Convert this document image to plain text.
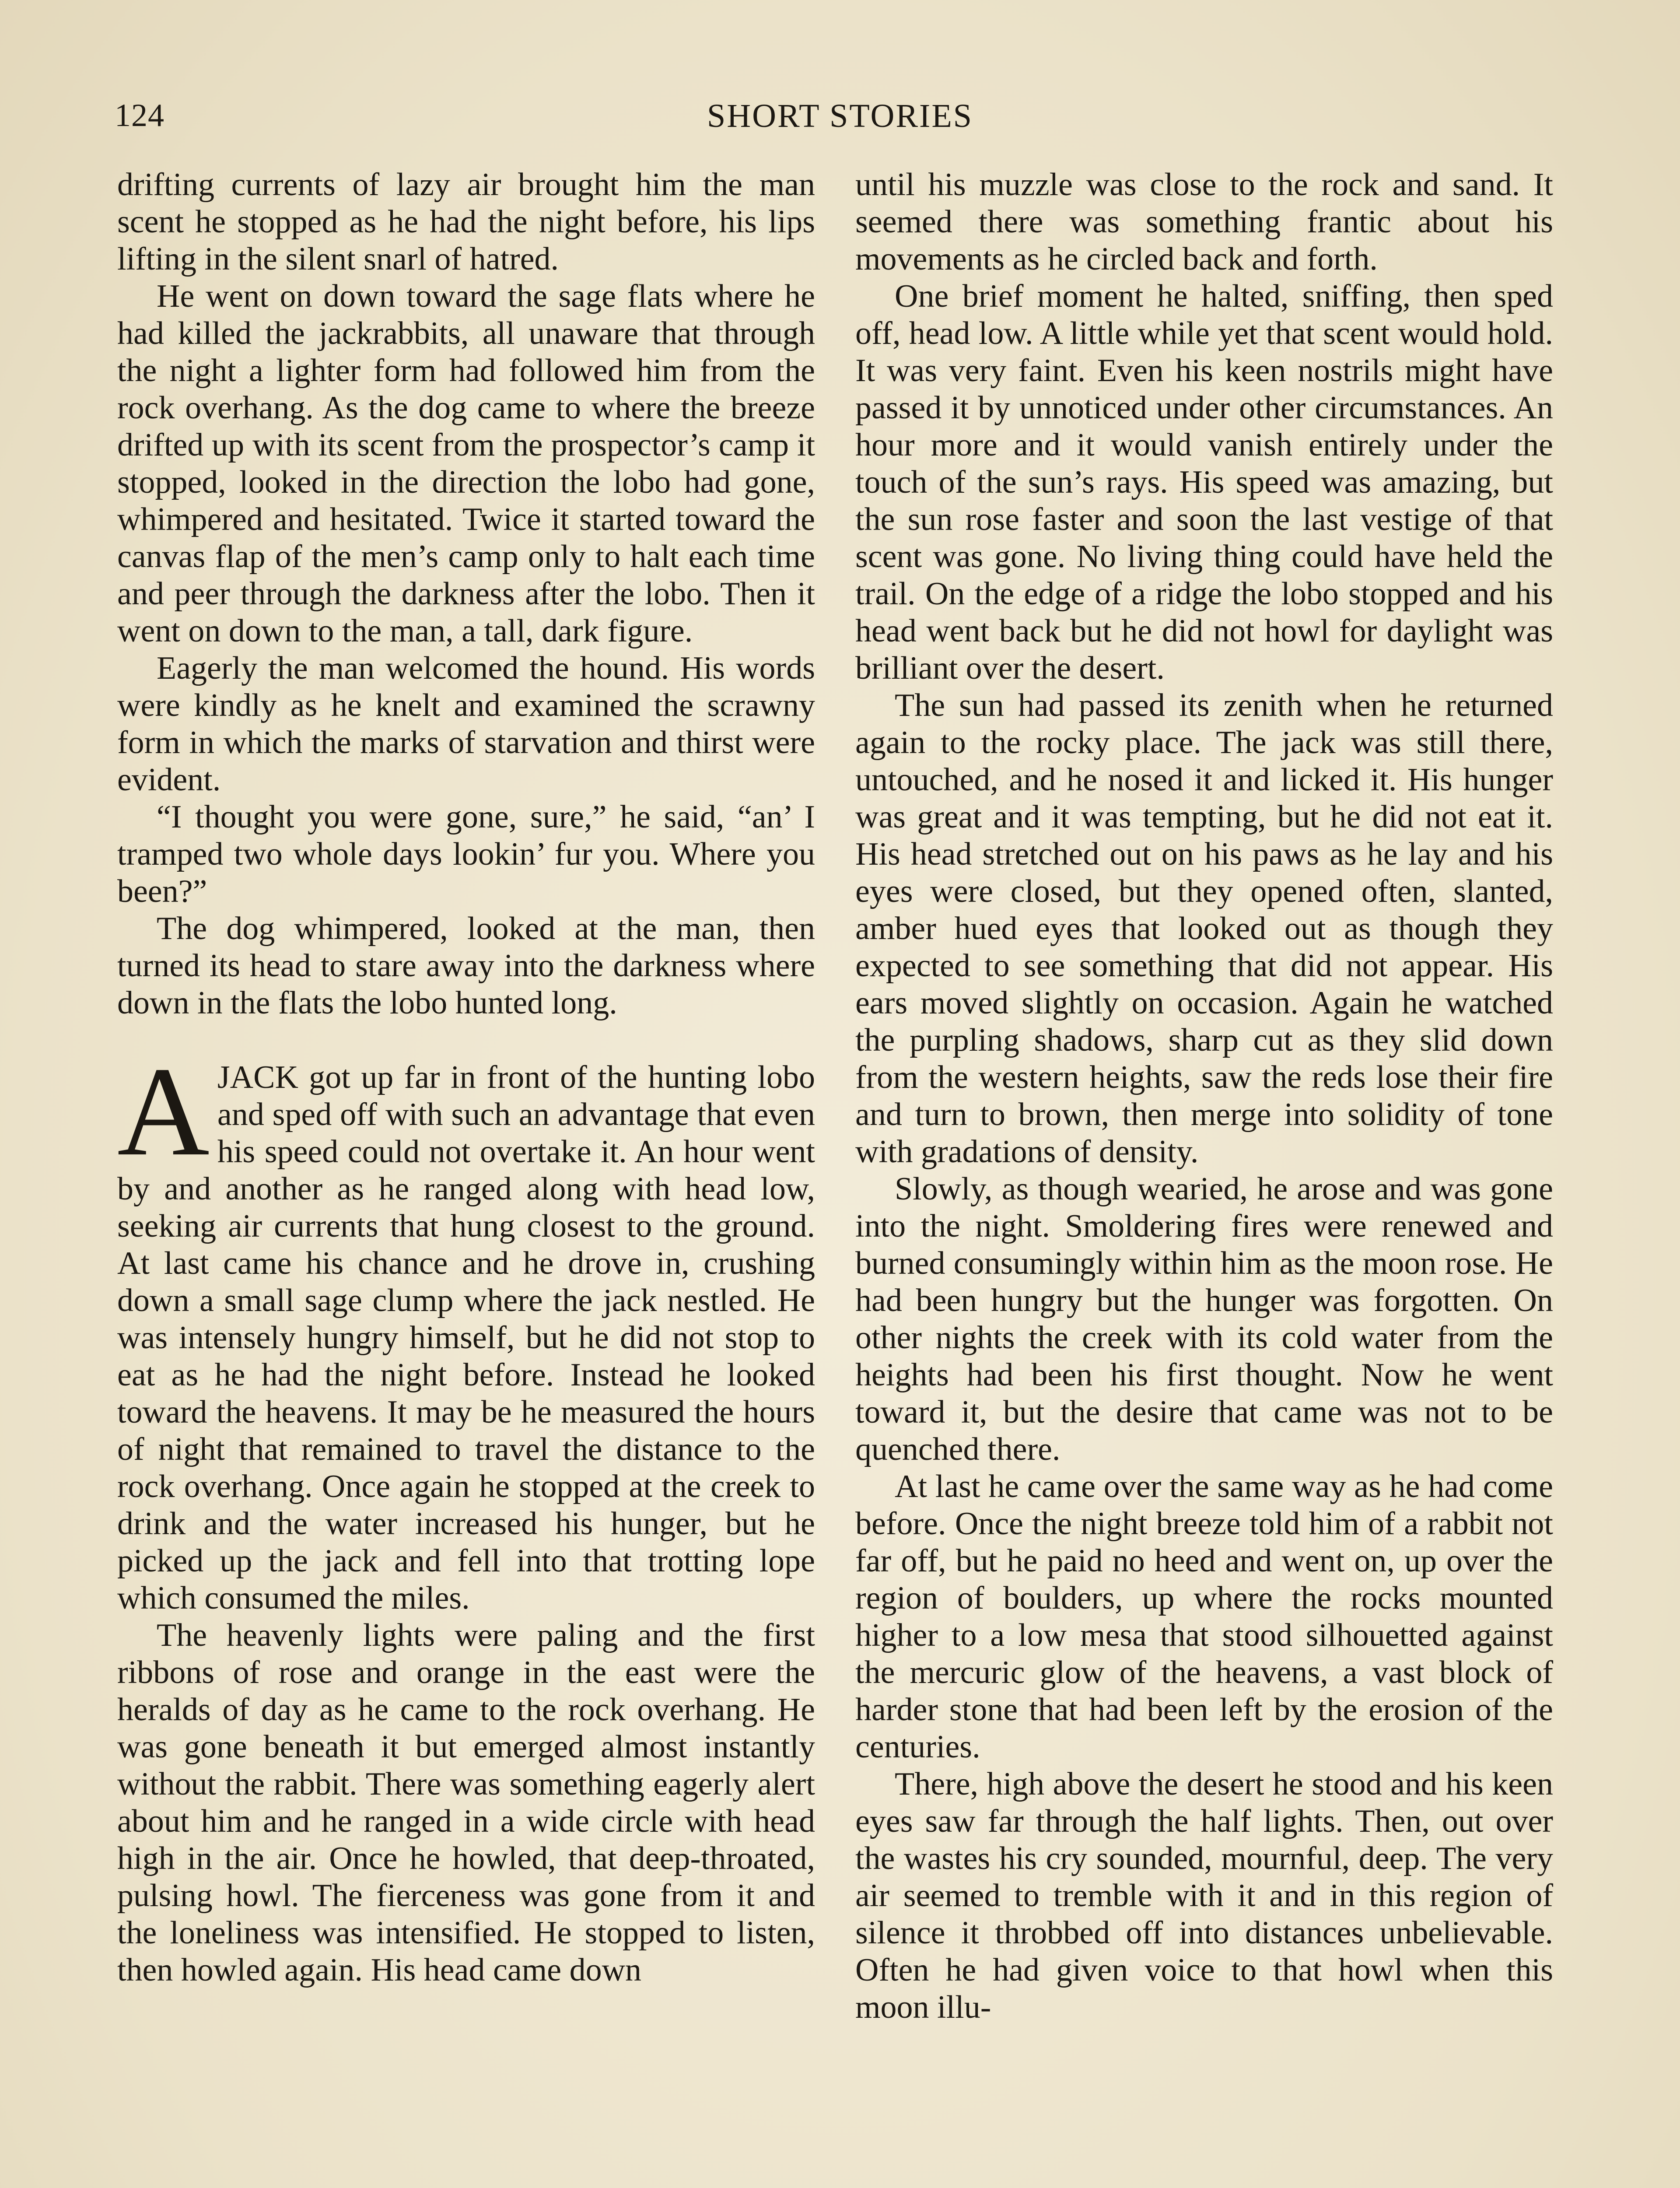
124	SHORT STORIES

drifting currents of lazy air brought him the man scent he stopped as he had the night before, his lips lifting in the silent snarl of hatred.

He went on down toward the sage flats where he had killed the jackrabbits, all unaware that through the night a lighter form had followed him from the rock overhang. As the dog came to where the breeze drifted up with its scent from the prospector’s camp it stopped, looked in the direction the lobo had gone, whimpered and hesitated. Twice it started toward the canvas flap of the men’s camp only to halt each time and peer through the darkness after the lobo. Then it went on down to the man, a tall, dark figure.

Eagerly the man welcomed the hound. His words were kindly as he knelt and examined the scrawny form in which the marks of starvation and thirst were evident.

“I thought you were gone, sure,” he said, “an’ I tramped two whole days lookin’ fur you. Where you been?”

The dog whimpered, looked at the man, then turned its head to stare away into the darkness where down in the flats the lobo hunted long.

AJACK got up far in front of the hunting lobo and sped off with such an advantage that even his speed could not overtake it. An hour went by and another as he ranged along with head low, seeking air currents that hung closest to the ground. At last came his chance and he drove in, crushing down a small sage clump where the jack nestled. He was intensely hungry himself, but he did not stop to eat as he had the night before. Instead he looked toward the heavens. It may be he measured the hours of night that remained to travel the distance to the rock overhang. Once again he stopped at the creek to drink and the water increased his hunger, but he picked up the jack and fell into that trotting lope which consumed the miles.

The heavenly lights were paling and the first ribbons of rose and orange in the east were the heralds of day as he came to the rock overhang. He was gone beneath it but emerged almost instantly without the rabbit. There was something eagerly alert about him and he ranged in a wide circle with head high in the air. Once he howled, that deep-throated, pulsing howl. The fierceness was gone from it and the loneliness was intensified. He stopped to listen, then howled again. His head came down

until his muzzle was close to the rock and sand. It seemed there was something frantic about his movements as he circled back and forth.

One brief moment he halted, sniffing, then sped off, head low. A little while yet that scent would hold. It was very faint. Even his keen nostrils might have passed it by unnoticed under other circumstances. An hour more and it would vanish entirely under the touch of the sun’s rays. His speed was amazing, but the sun rose faster and soon the last vestige of that scent was gone. No living thing could have held the trail. On the edge of a ridge the lobo stopped and his head went back but he did not howl for daylight was brilliant over the desert.

The sun had passed its zenith when he returned again to the rocky place. The jack was still there, untouched, and he nosed it and licked it. His hunger was great and it was tempting, but he did not eat it. His head stretched out on his paws as he lay and his eyes were closed, but they opened often, slanted, amber hued eyes that looked out as though they expected to see something that did not appear. His ears moved slightly on occasion. Again he watched the purpling shadows, sharp cut as they slid down from the western heights, saw the reds lose their fire and turn to brown, then merge into solidity of tone with gradations of density.

Slowly, as though wearied, he arose and was gone into the night. Smoldering fires were renewed and burned consumingly within him as the moon rose. He had been hungry but the hunger was forgotten. On other nights the creek with its cold water from the heights had been his first thought. Now he went toward it, but the desire that came was not to be quenched there.

At last he came over the same way as he had come before. Once the night breeze told him of a rabbit not far off, but he paid no heed and went on, up over the region of boulders, up where the rocks mounted higher to a low mesa that stood silhouetted against the mercuric glow of the heavens, a vast block of harder stone that had been left by the erosion of the centuries.

There, high above the desert he stood and his keen eyes saw far through the half lights. Then, out over the wastes his cry sounded, mournful, deep. The very air seemed to tremble with it and in this region of silence it throbbed off into distances unbelievable. Often he had given voice to that howl when this moon illu-
